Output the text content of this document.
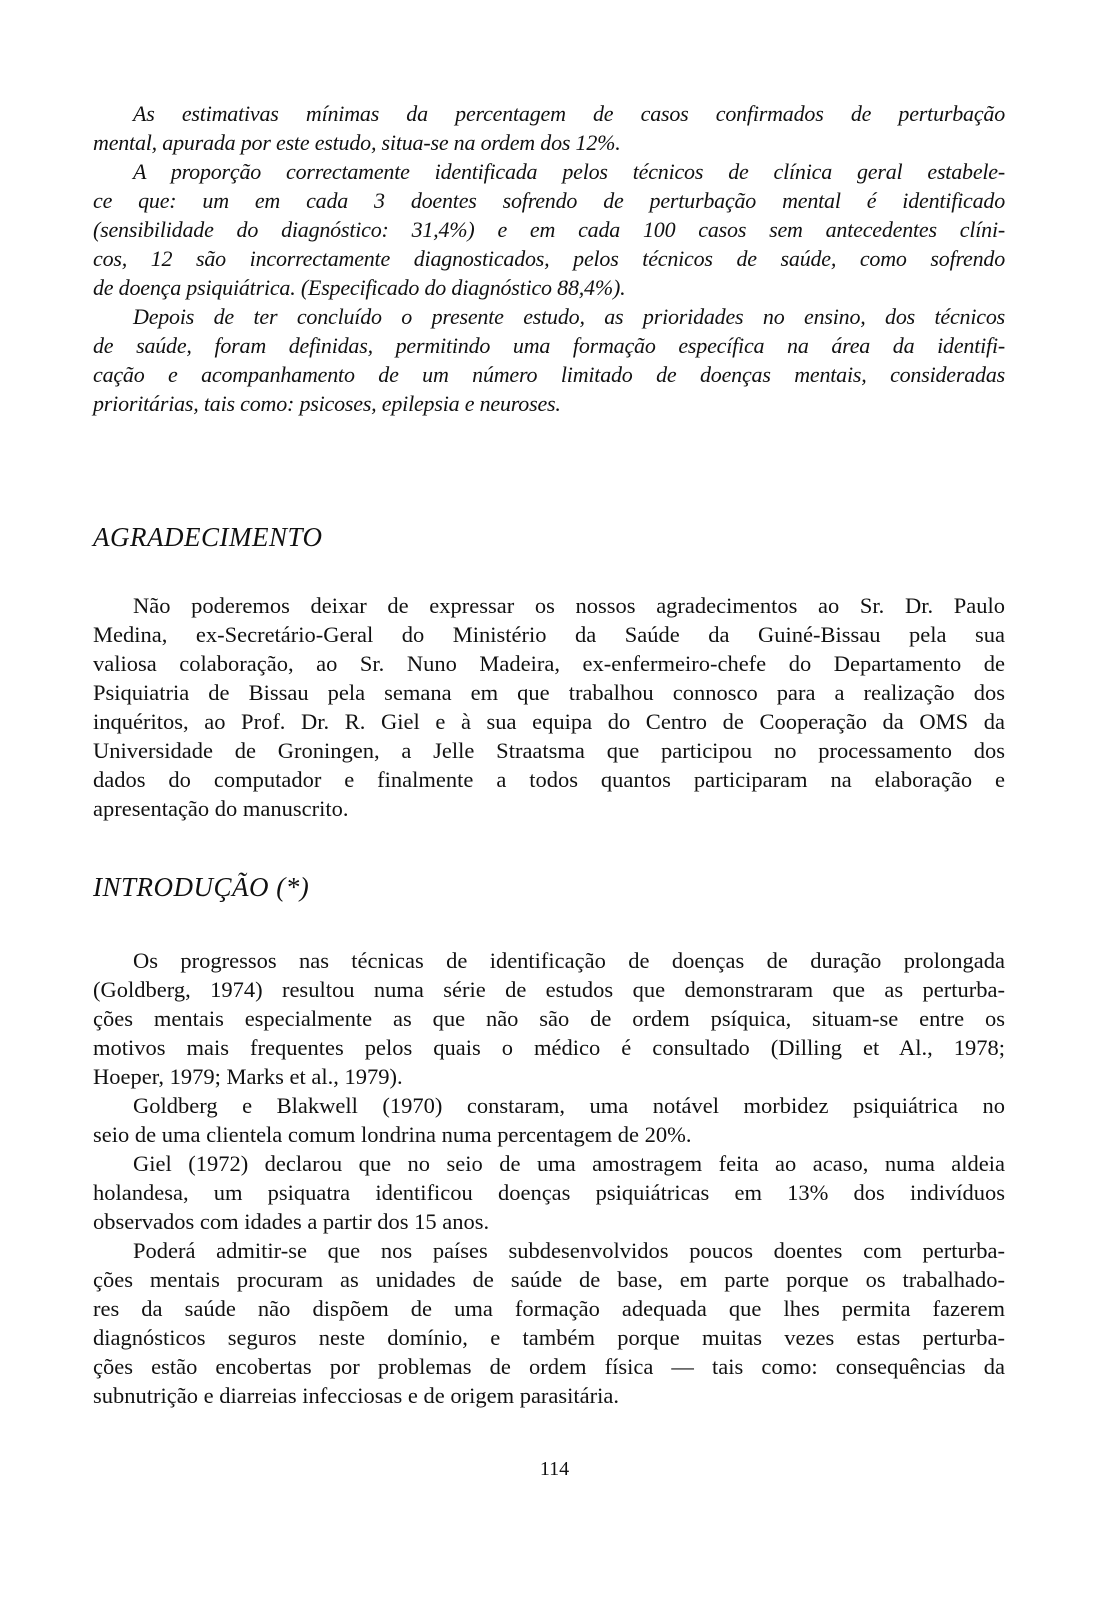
As estimativas mínimas da percentagem de casos confirmados de perturbação
mental, apurada por este estudo, situa-se na ordem dos 12%.
A proporção correctamente identificada pelos técnicos de clínica geral estabele-
ce que: um em cada 3 doentes sofrendo de perturbação mental é identificado
(sensibilidade do diagnóstico: 31,4%) e em cada 100 casos sem antecedentes clíni-
cos, 12 são incorrectamente diagnosticados, pelos técnicos de saúde, como sofrendo
de doença psiquiátrica. (Especificado do diagnóstico 88,4%).
Depois de ter concluído o presente estudo, as prioridades no ensino, dos técnicos
de saúde, foram definidas, permitindo uma formação específica na área da identifi-
cação e acompanhamento de um número limitado de doenças mentais, consideradas
prioritárias, tais como: psicoses, epilepsia e neuroses.
AGRADECIMENTO
Não poderemos deixar de expressar os nossos agradecimentos ao Sr. Dr. Paulo
Medina, ex-Secretário-Geral do Ministério da Saúde da Guiné-Bissau pela sua
valiosa colaboração, ao Sr. Nuno Madeira, ex-enfermeiro-chefe do Departamento de
Psiquiatria de Bissau pela semana em que trabalhou connosco para a realização dos
inquéritos, ao Prof. Dr. R. Giel e à sua equipa do Centro de Cooperação da OMS da
Universidade de Groningen, a Jelle Straatsma que participou no processamento dos
dados do computador e finalmente a todos quantos participaram na elaboração e
apresentação do manuscrito.
INTRODUÇÃO (*)
Os progressos nas técnicas de identificação de doenças de duração prolongada
(Goldberg, 1974) resultou numa série de estudos que demonstraram que as perturba-
ções mentais especialmente as que não são de ordem psíquica, situam-se entre os
motivos mais frequentes pelos quais o médico é consultado (Dilling et Al., 1978;
Hoeper, 1979; Marks et al., 1979).
Goldberg e Blakwell (1970) constaram, uma notável morbidez psiquiátrica no
seio de uma clientela comum londrina numa percentagem de 20%.
Giel (1972) declarou que no seio de uma amostragem feita ao acaso, numa aldeia
holandesa, um psiquatra identificou doenças psiquiátricas em 13% dos indivíduos
observados com idades a partir dos 15 anos.
Poderá admitir-se que nos países subdesenvolvidos poucos doentes com perturba-
ções mentais procuram as unidades de saúde de base, em parte porque os trabalhado-
res da saúde não dispõem de uma formação adequada que lhes permita fazerem
diagnósticos seguros neste domínio, e também porque muitas vezes estas perturba-
ções estão encobertas por problemas de ordem física — tais como: consequências da
subnutrição e diarreias infecciosas e de origem parasitária.
114
